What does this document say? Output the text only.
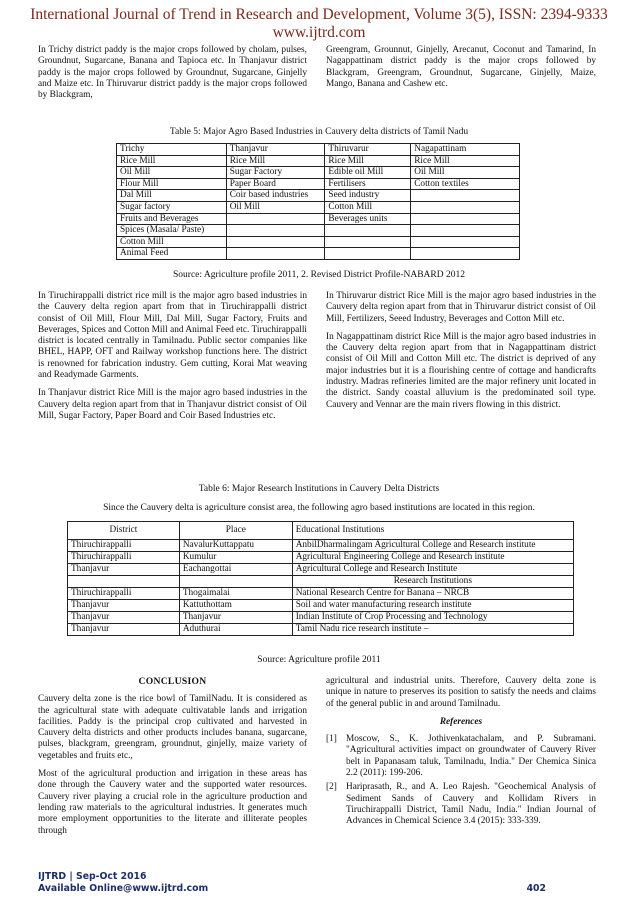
International Journal of Trend in Research and Development, Volume 3(5), ISSN: 2394-9333
www.ijtrd.com

In Trichy district paddy is the major crops followed by cholam, pulses, Groundnut, Sugarcane, Banana and Tapioca etc. In Thanjavur district paddy is the major crops followed by Groundnut, Sugarcane, Ginjelly and Maize etc. In Thiruvarur district paddy is the major crops followed by Blackgram,

Greengram, Grounnut, Ginjelly, Arecanut, Coconut and Tamarind, In Nagappattinam district paddy is the major crops followed by Blackgram, Greengram, Groundnut, Sugarcane, Ginjelly, Maize, Mango, Banana and Cashew etc.

Table 5: Major Agro Based Industries in Cauvery delta districts of Tamil Nadu
Trichy	Thanjavur	Thiruvarur	Nagapattinam
Rice Mill	Rice Mill	Rice Mill	Rice Mill
Oil Mill	Sugar Factory	Edible oil Mill	Oil Mill
Flour Mill	Paper Board	Fertilisers	Cotton textiles
Dal Mill	Coir based industries	Seed industry	
Sugar factory	Oil Mill	Cotton Mill	
Fruits and Beverages		Beverages units	
Spices (Masala/ Paste)			
Cotton Mill			
Animal Feed			
Source: Agriculture profile 2011, 2. Revised District Profile-NABARD 2012

In Tiruchirappalli district rice mill is the major agro based industries in the Cauvery delta region apart from that in Tiruchirappalli district consist of Oil Mill, Flour Mill, Dal Mill, Sugar Factory, Fruits and Beverages, Spices and Cotton Mill and Animal Feed etc. Tiruchirappalli district is located centrally in Tamilnadu. Public sector companies like BHEL, HAPP, OFT and Railway workshop functions here. The district is renowned for fabrication industry. Gem cutting, Korai Mat weaving and Readymade Garments.

In Thanjavur district Rice Mill is the major agro based industries in the Cauvery delta region apart from that in Thanjavur district consist of Oil Mill, Sugar Factory, Paper Board and Coir Based Industries etc.

In Thiruvarur district Rice Mill is the major agro based industries in the Cauvery delta region apart from that in Thiruvarur district consist of Oil Mill, Fertilizers, Seeed Industry, Beverages and Cotton Mill etc.

In Nagappattinam district Rice Mill is the major agro based industries in the Cauvery delta region apart from that in Nagappattinam district consist of Oil Mill and Cotton Mill etc. The district is deprived of any major industries but it is a flourishing centre of cottage and handicrafts industry. Madras refineries limited are the major refinery unit located in the district. Sandy coastal alluvium is the predominated soil type. Cauvery and Vennar are the main rivers flowing in this district.

Table 6: Major Research Institutions in Cauvery Delta Districts
Since the Cauvery delta is agriculture consist area, the following agro based institutions are located in this region.
District	Place	Educational Institutions
Thiruchirappalli	NavalurKuttappatu	AnbilDharmalingam Agricultural College and Research institute
Thiruchirappalli	Kumulur	Agricultural Engineering College and Research institute
Thanjavur	Eachangottai	Agricultural College and Research Institute
		Research Institutions
Thiruchirappalli	Thogaimalai	National Research Centre for Banana – NRCB
Thanjavur	Kattuthottam	Soil and water manufacturing research institute
Thanjavur	Thanjavur	Indian Institute of Crop Processing and Technology
Thanjavur	Aduthurai	Tamil Nadu rice research institute –
Source: Agriculture profile 2011
CONCLUSION

Cauvery delta zone is the rice bowl of TamilNadu. It is considered as the agricultural state with adequate cultivatable lands and irrigation facilities. Paddy is the principal crop cultivated and harvested in Cauvery delta districts and other products includes banana, sugarcane, pulses, blackgram, greengram, groundnut, ginjelly, maize variety of vegetables and fruits etc.,

Most of the agricultural production and irrigation in these areas has done through the Cauvery water and the supported water resources. Cauvery river playing a crucial role in the agriculture production and lending raw materials to the agricultural industries. It generates much more employment opportunities to the literate and illiterate peoples through

agricultural and industrial units. Therefore, Cauvery delta zone is unique in nature to preserves its position to satisfy the needs and claims of the general public in and around Tamilnadu.

References
[1] Moscow, S., K. Jothivenkatachalam, and P. Subramani. "Agricultural activities impact on groundwater of Cauvery River belt in Papanasam taluk, Tamilnadu, India." Der Chemica Sinica 2.2 (2011): 199-206.
[2] Hariprasath, R., and A. Leo Rajesh. "Geochemical Analysis of Sediment Sands of Cauvery and Kollidam Rivers in Tiruchirappalli District, Tamil Nadu, India." Indian Journal of Advances in Chemical Science 3.4 (2015): 333-339.
IJTRD | Sep-Oct 2016
Available Online@www.ijtrd.com	402
